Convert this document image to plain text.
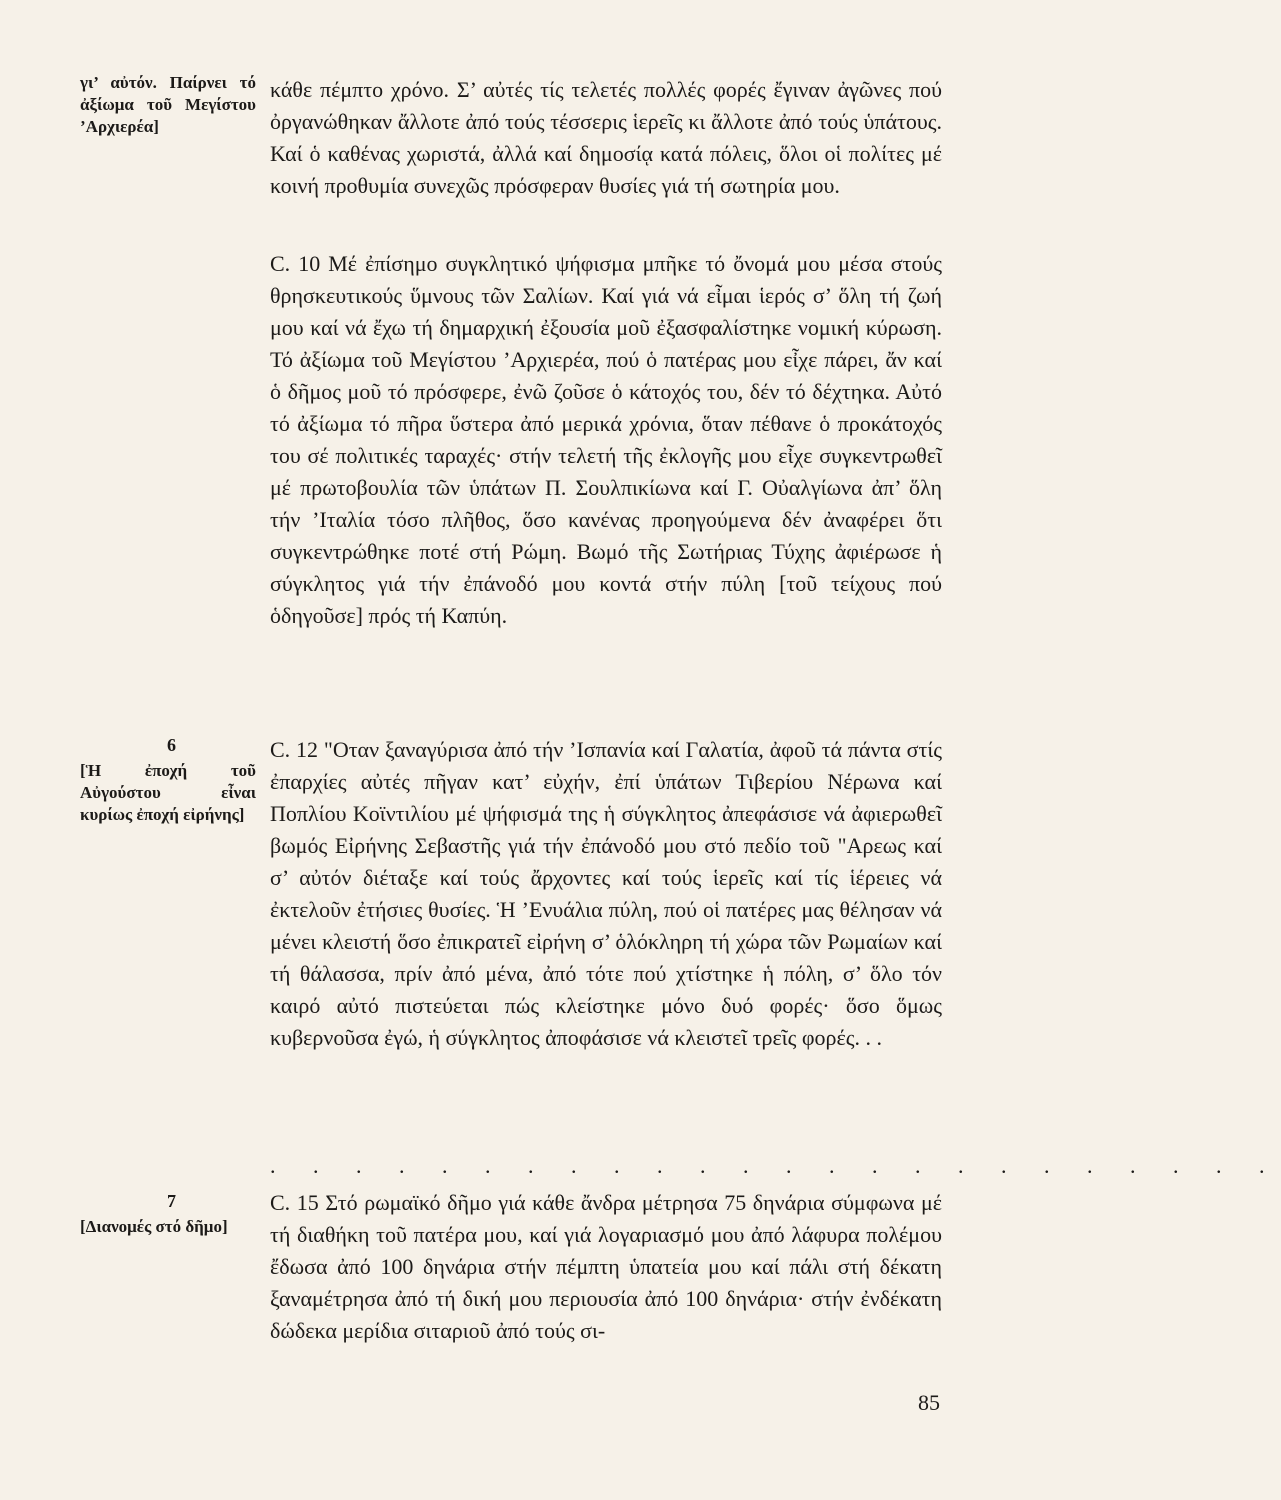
γι’ αὐτόν. Παίρνει τό ἀξίωμα τοῦ Μεγίστου ’Αρχιερέα]

κάθε πέμπτο χρόνο. Σ’ αὐτές τίς τελετές πολλές φορές ἔγιναν ἀγῶνες πού ὀργανώθηκαν ἄλλοτε ἀπό τούς τέσσερις ἱερεῖς κι ἄλλοτε ἀπό τούς ὑπάτους. Καί ὁ καθένας χωριστά, ἀλλά καί δημοσίᾳ κατά πόλεις, ὅλοι οἱ πολίτες μέ κοινή προθυμία συνεχῶς πρόσφεραν θυσίες γιά τή σωτηρία μου.

C. 10 Μέ ἐπίσημο συγκλητικό ψήφισμα μπῆκε τό ὄνομά μου μέσα στούς θρησκευτικούς ὕμνους τῶν Σαλίων. Καί γιά νά εἶμαι ἱερός σ’ ὅλη τή ζωή μου καί νά ἔχω τή δημαρχική ἐξουσία μοῦ ἐξασφαλίστηκε νομική κύρωση. Τό ἀξίωμα τοῦ Μεγίστου ’Αρχιερέα, πού ὁ πατέρας μου εἶχε πάρει, ἄν καί ὁ δῆμος μοῦ τό πρόσφερε, ἐνῶ ζοῦσε ὁ κάτοχός του, δέν τό δέχτηκα. Αὐτό τό ἀξίωμα τό πῆρα ὕστερα ἀπό μερικά χρόνια, ὅταν πέθανε ὁ προκάτοχός του σέ πολιτικές ταραχές· στήν τελετή τῆς ἐκλογῆς μου εἶχε συγκεντρωθεῖ μέ πρωτοβουλία τῶν ὑπάτων Π. Σουλπικίωνα καί Γ. Οὐαλγίωνα ἀπ’ ὅλη τήν ’Ιταλία τόσο πλῆθος, ὅσο κανένας προηγούμενα δέν ἀναφέρει ὅτι συγκεντρώθηκε ποτέ στή Ρώμη. Βωμό τῆς Σωτήριας Τύχης ἀφιέρωσε ἡ σύγκλητος γιά τήν ἐπάνοδό μου κοντά στήν πύλη [τοῦ τείχους πού ὁδηγοῦσε] πρός τή Καπύη.

6
[Ἡ ἐποχή τοῦ Αὐγούστου εἶναι κυρίως ἐποχή εἰρήνης]

C. 12 "Οταν ξαναγύρισα ἀπό τήν ’Ισπανία καί Γαλατία, ἀφοῦ τά πάντα στίς ἐπαρχίες αὐτές πῆγαν κατ’ εὐχήν, ἐπί ὑπάτων Τιβερίου Νέρωνα καί Ποπλίου Κοϊντιλίου μέ ψήφισμά της ἡ σύγκλητος ἀπεφάσισε νά ἀφιερωθεῖ βωμός Εἰρήνης Σεβαστῆς γιά τήν ἐπάνοδό μου στό πεδίο τοῦ "Αρεως καί σ’ αὐτόν διέταξε καί τούς ἄρχοντες καί τούς ἱερεῖς καί τίς ἱέρειες νά ἐκτελοῦν ἐτήσιες θυσίες. Ἡ ’Ενυάλια πύλη, πού οἱ πατέρες μας θέλησαν νά μένει κλειστή ὅσο ἐπικρατεῖ εἰρήνη σ’ ὁλόκληρη τή χώρα τῶν Ρωμαίων καί τή θάλασσα, πρίν ἀπό μένα, ἀπό τότε πού χτίστηκε ἡ πόλη, σ’ ὅλο τόν καιρό αὐτό πιστεύεται πώς κλείστηκε μόνο δυό φορές· ὅσο ὅμως κυβερνοῦσα ἐγώ, ἡ σύγκλητος ἀποφάσισε νά κλειστεῖ τρεῖς φορές. . .

. . . . . . . . . . . . . . . . . . . . . . . .
7
[Διανομές στό δῆμο]

C. 15 Στό ρωμαϊκό δῆμο γιά κάθε ἄνδρα μέτρησα 75 δηνάρια σύμφωνα μέ τή διαθήκη τοῦ πατέρα μου, καί γιά λογαριασμό μου ἀπό λάφυρα πολέμου ἔδωσα ἀπό 100 δηνάρια στήν πέμπτη ὑπατεία μου καί πάλι στή δέκατη ξαναμέτρησα ἀπό τή δική μου περιουσία ἀπό 100 δηνάρια· στήν ἐνδέκατη δώδεκα μερίδια σιταριοῦ ἀπό τούς σι-

85
